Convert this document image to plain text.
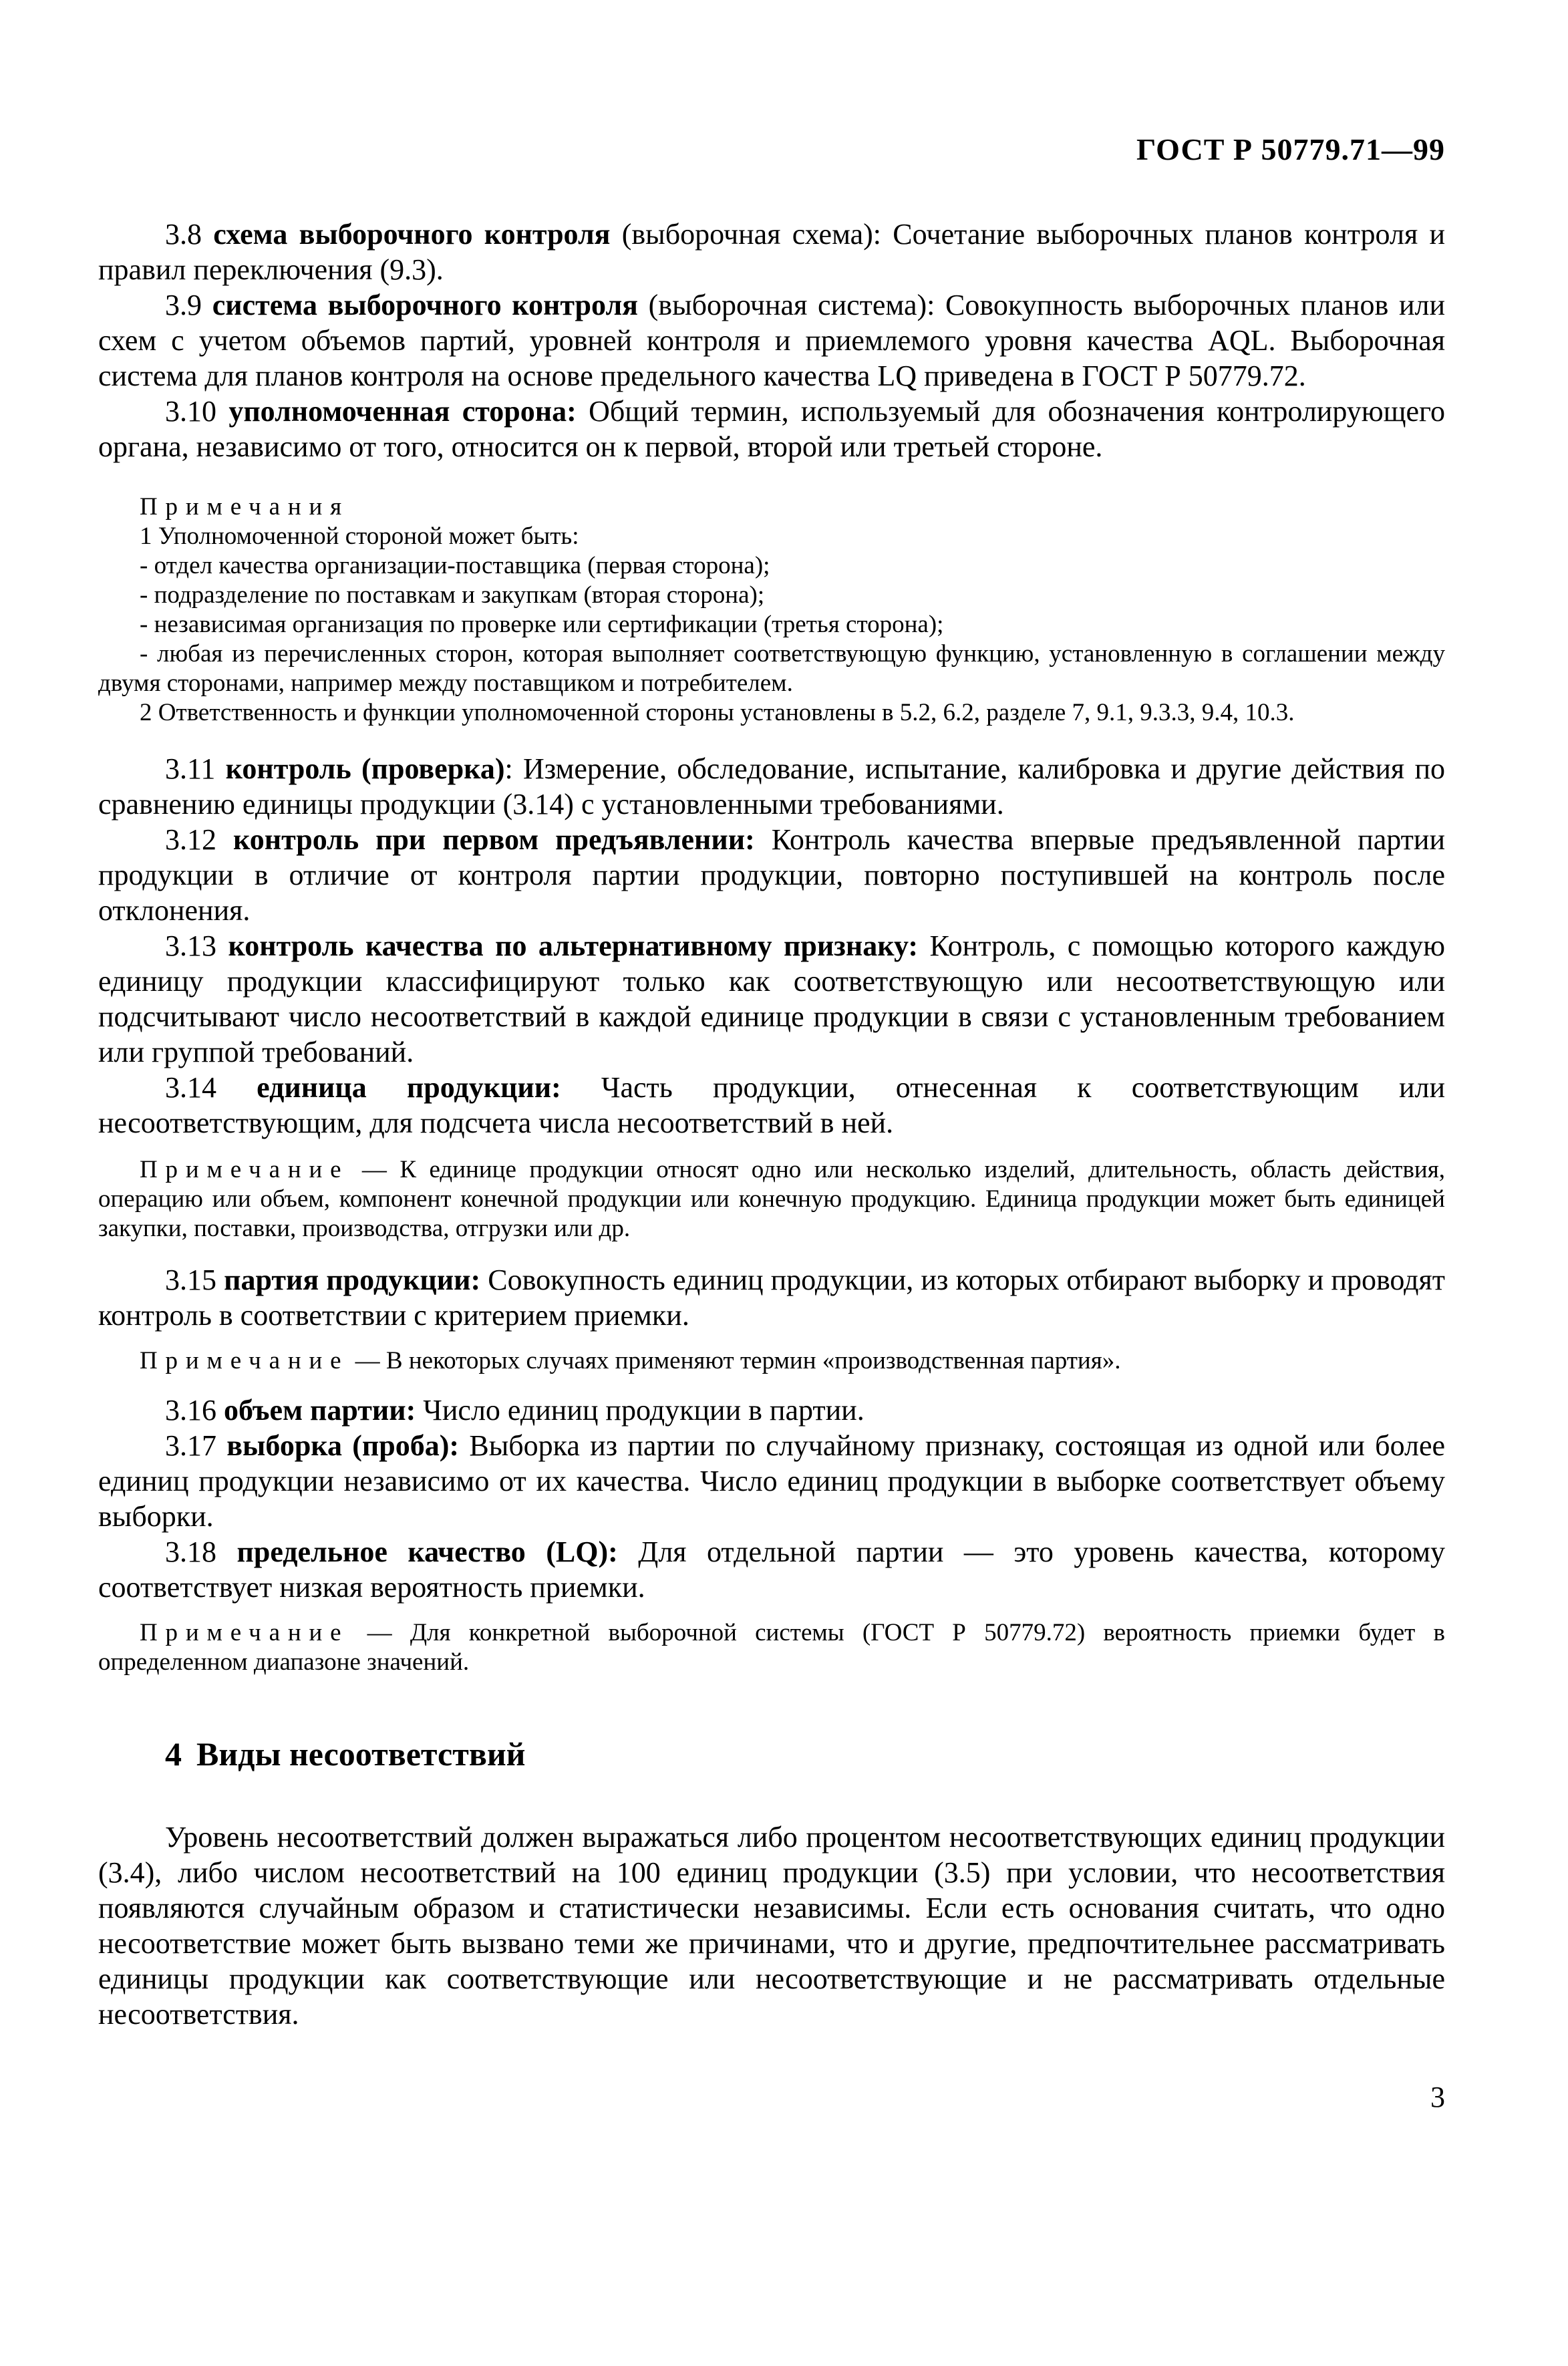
ГОСТ Р 50779.71—99

3.8 схема выборочного контроля (выборочная схема): Сочетание выборочных планов контроля и правил переключения (9.3).

3.9 система выборочного контроля (выборочная система): Совокупность выборочных планов или схем с учетом объемов партий, уровней контроля и приемлемого уровня качества AQL. Выборочная система для планов контроля на основе предельного качества LQ приведена в ГОСТ Р 50779.72.

3.10 уполномоченная сторона: Общий термин, используемый для обозначения контролирующего органа, независимо от того, относится он к первой, второй или третьей стороне.

Примечания

1 Уполномоченной стороной может быть:

- отдел качества организации-поставщика (первая сторона);

- подразделение по поставкам и закупкам (вторая сторона);

- независимая организация по проверке или сертификации (третья сторона);

- любая из перечисленных сторон, которая выполняет соответствующую функцию, установленную в соглашении между двумя сторонами, например между поставщиком и потребителем.

2 Ответственность и функции уполномоченной стороны установлены в 5.2, 6.2, разделе 7, 9.1, 9.3.3, 9.4, 10.3.

3.11 контроль (проверка): Измерение, обследование, испытание, калибровка и другие действия по сравнению единицы продукции (3.14) с установленными требованиями.

3.12 контроль при первом предъявлении: Контроль качества впервые предъявленной партии продукции в отличие от контроля партии продукции, повторно поступившей на контроль после отклонения.

3.13 контроль качества по альтернативному признаку: Контроль, с помощью которого каждую единицу продукции классифицируют только как соответствующую или несоответствующую или подсчитывают число несоответствий в каждой единице продукции в связи с установленным требованием или группой требований.

3.14 единица продукции: Часть продукции, отнесенная к соответствующим или несоответствующим, для подсчета числа несоответствий в ней.

Примечание — К единице продукции относят одно или несколько изделий, длительность, область действия, операцию или объем, компонент конечной продукции или конечную продукцию. Единица продукции может быть единицей закупки, поставки, производства, отгрузки или др.

3.15 партия продукции: Совокупность единиц продукции, из которых отбирают выборку и проводят контроль в соответствии с критерием приемки.

Примечание — В некоторых случаях применяют термин «производственная партия».

3.16 объем партии: Число единиц продукции в партии.

3.17 выборка (проба): Выборка из партии по случайному признаку, состоящая из одной или более единиц продукции независимо от их качества. Число единиц продукции в выборке соответствует объему выборки.

3.18 предельное качество (LQ): Для отдельной партии — это уровень качества, которому соответствует низкая вероятность приемки.

Примечание — Для конкретной выборочной системы (ГОСТ Р 50779.72) вероятность приемки будет в определенном диапазоне значений.

4 Виды несоответствий

Уровень несоответствий должен выражаться либо процентом несоответствующих единиц продукции (3.4), либо числом несоответствий на 100 единиц продукции (3.5) при условии, что несоответствия появляются случайным образом и статистически независимы. Если есть основания считать, что одно несоответствие может быть вызвано теми же причинами, что и другие, предпочтительнее рассматривать единицы продукции как соответствующие или несоответствующие и не рассматривать отдельные несоответствия.

3
